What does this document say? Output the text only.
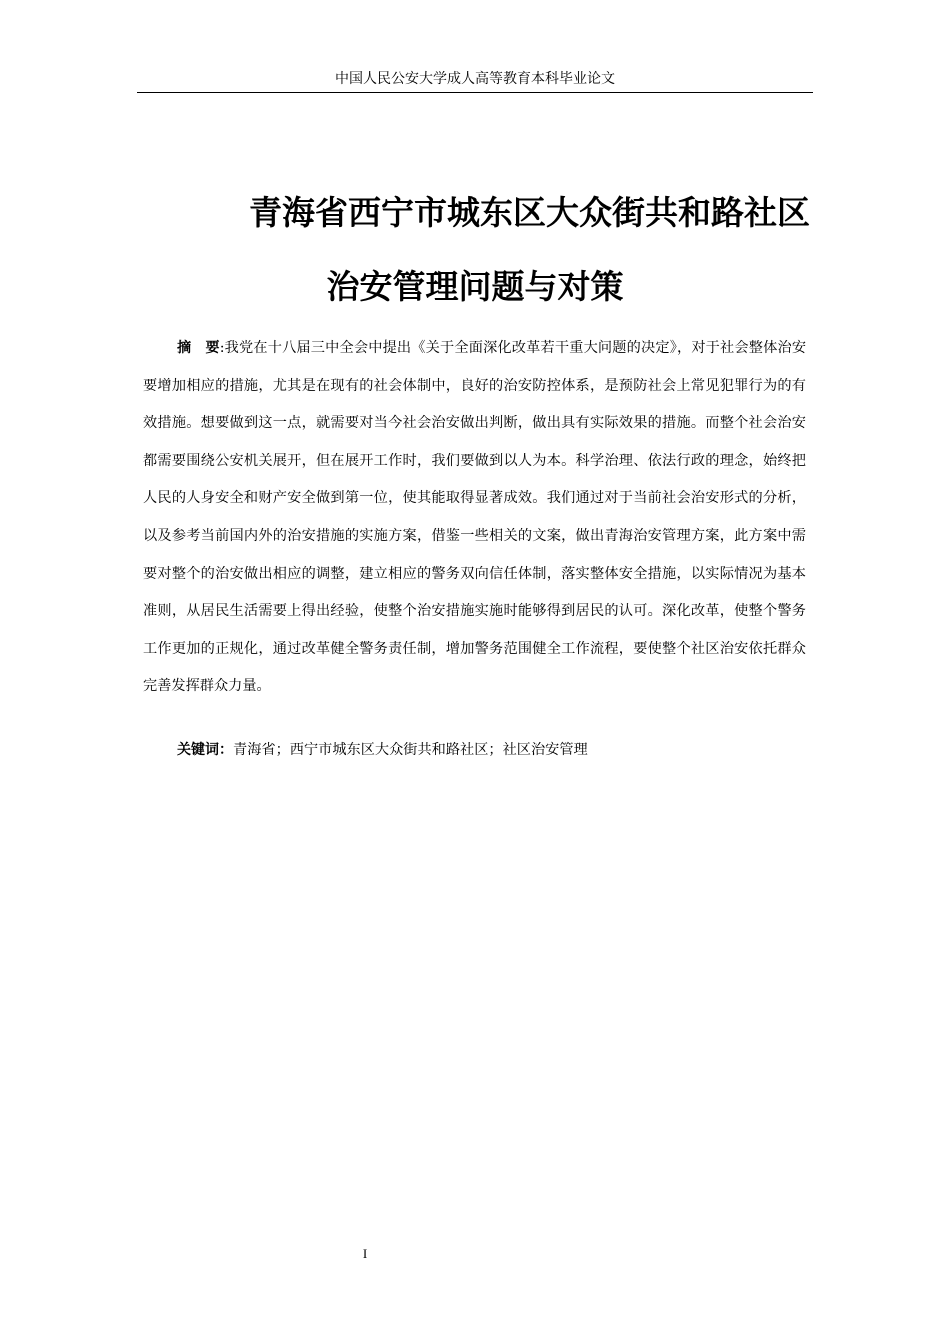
中国人民公安大学成人高等教育本科毕业论文
青海省西宁市城东区大众街共和路社区
治安管理问题与对策
摘　要:我党在十八届三中全会中提出《关于全面深化改革若干重大问题的决定》，对于社会整体治安要增加相应的措施，尤其是在现有的社会体制中，良好的治安防控体系，是预防社会上常见犯罪行为的有效措施。想要做到这一点，就需要对当今社会治安做出判断，做出具有实际效果的措施。而整个社会治安都需要围绕公安机关展开，但在展开工作时，我们要做到以人为本。科学治理、依法行政的理念，始终把人民的人身安全和财产安全做到第一位，使其能取得显著成效。我们通过对于当前社会治安形式的分析，以及参考当前国内外的治安措施的实施方案，借鉴一些相关的文案，做出青海治安管理方案，此方案中需要对整个的治安做出相应的调整，建立相应的警务双向信任体制，落实整体安全措施，以实际情况为基本准则，从居民生活需要上得出经验，使整个治安措施实施时能够得到居民的认可。深化改革，使整个警务工作更加的正规化，通过改革健全警务责任制，增加警务范围健全工作流程，要使整个社区治安依托群众完善发挥群众力量。
关键词：青海省；西宁市城东区大众街共和路社区；社区治安管理
I
